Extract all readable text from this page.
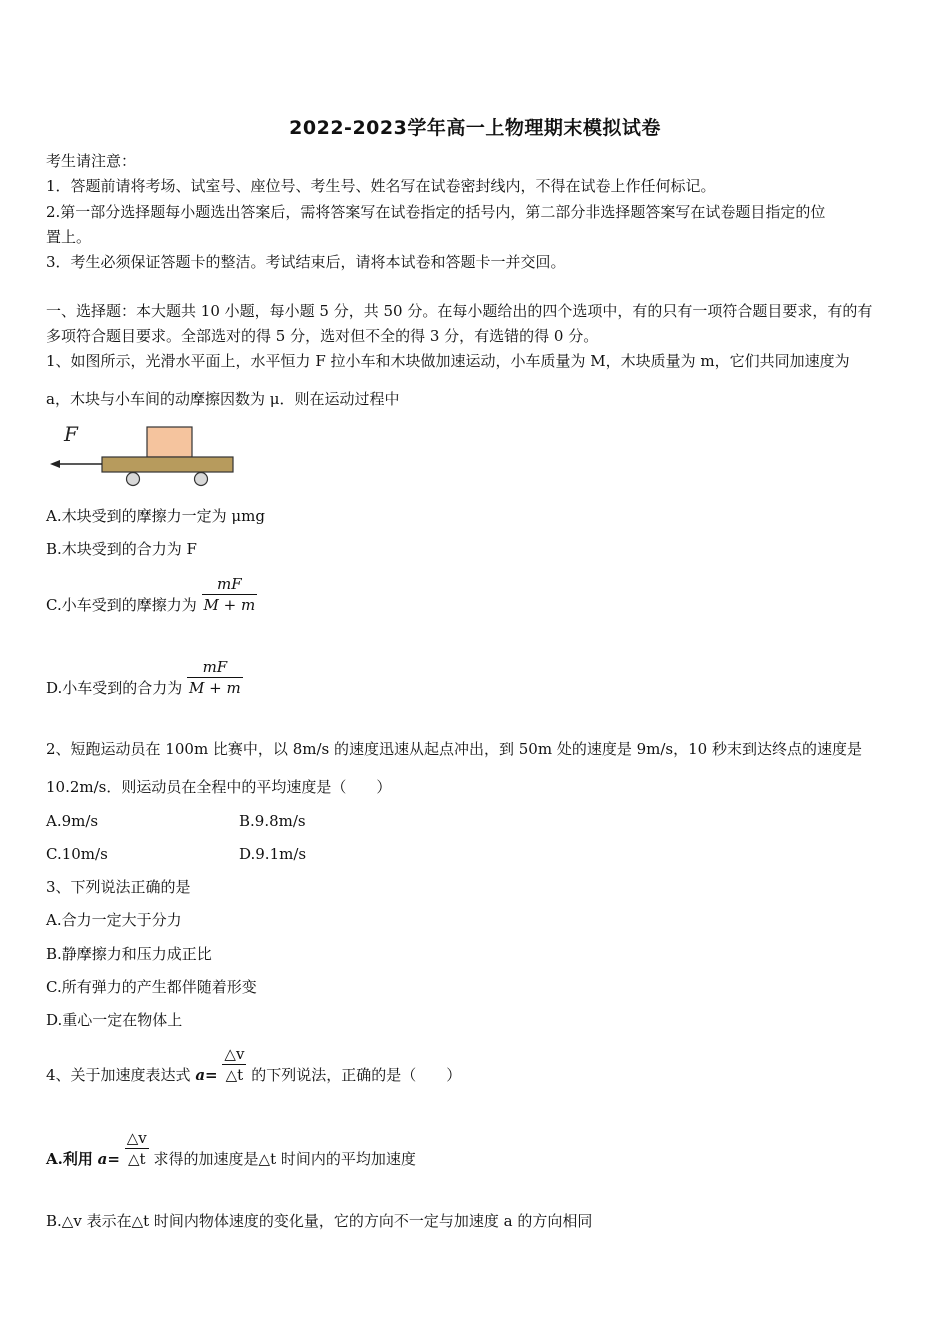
2022-2023学年高一上物理期末模拟试卷
考生请注意：
1．答题前请将考场、试室号、座位号、考生号、姓名写在试卷密封线内，不得在试卷上作任何标记。
2.第一部分选择题每小题选出答案后，需将答案写在试卷指定的括号内，第二部分非选择题答案写在试卷题目指定的位
置上。
3．考生必须保证答题卡的整洁。考试结束后，请将本试卷和答题卡一并交回。
一、选择题：本大题共 10 小题，每小题 5 分，共 50 分。在每小题给出的四个选项中，有的只有一项符合题目要求，有的有
多项符合题目要求。全部选对的得 5 分，选对但不全的得 3 分，有选错的得 0 分。
1、如图所示，光滑水平面上，水平恒力 F 拉小车和木块做加速运动，小车质量为 M，木块质量为 m，它们共同加速度为
a，木块与小车间的动摩擦因数为 μ．则在运动过程中
F
A.木块受到的摩擦力一定为 μmg
B.木块受到的合力为 F
C.小车受到的摩擦力为 $\frac{mF}{M + m}$
D.小车受到的合力为 $\frac{mF}{M + m}$
2、短跑运动员在 100m 比赛中，以 8m/s 的速度迅速从起点冲出，到 50m 处的速度是 9m/s，10 秒末到达终点的速度是
10.2m/s．则运动员在全程中的平均速度是（　　）
A.9m/s	B.9.8m/s
C.10m/s	D.9.1m/s
3、下列说法正确的是
A.合力一定大于分力
B.静摩擦力和压力成正比
C.所有弹力的产生都伴随着形变
D.重心一定在物体上
4、关于加速度表达式 $a= \frac{\triangle v}{\triangle t}$ 的下列说法，正确的是（　　）
A.利用 $a= \frac{\triangle v}{\triangle t}$ 求得的加速度是△t 时间内的平均加速度
B.△v 表示在△t 时间内物体速度的变化量，它的方向不一定与加速度 a 的方向相同
